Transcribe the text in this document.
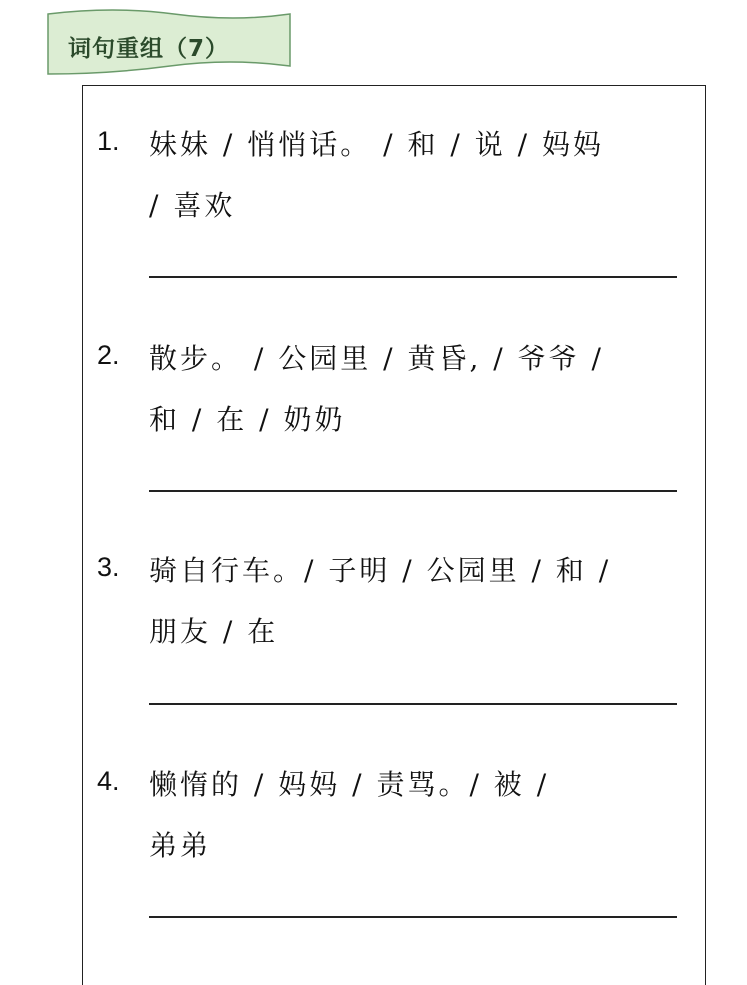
词句重组（7）
1. 妹妹 / 悄悄话。 / 和 / 说 / 妈妈
/ 喜欢
2. 散步。 / 公园里 / 黄昏, / 爷爷 /
和 / 在 / 奶奶
3. 骑自行车。/ 子明 / 公园里 / 和 /
朋友 / 在
4. 懒惰的 / 妈妈 / 责骂。/ 被 /
弟弟
